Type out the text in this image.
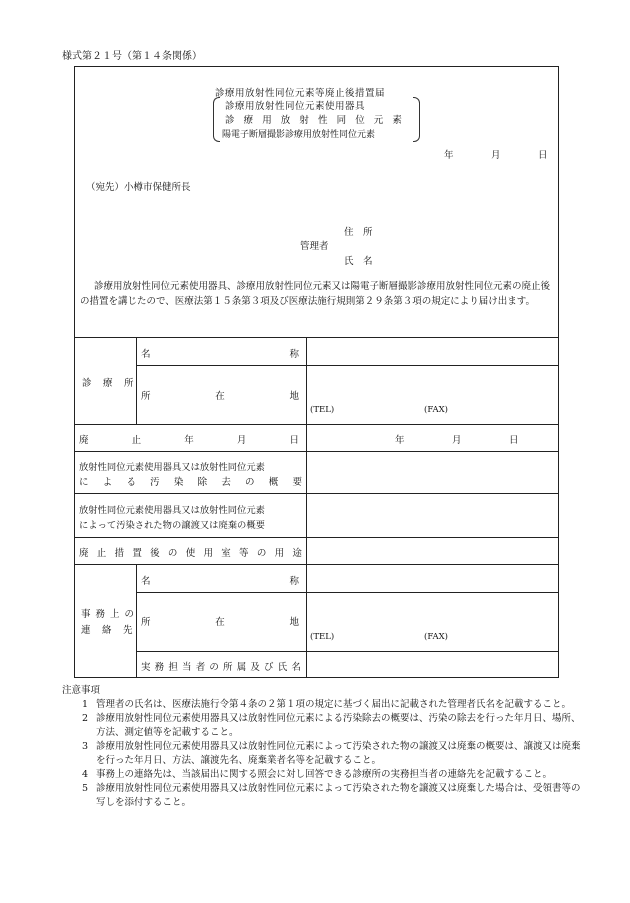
様式第２１号（第１４条関係）
診療用放射性同位元素等廃止後措置届
診療用放射性同位元素使用器具
診　療　用　放　射　性　同　位　元　素
陽電子断層撮影診療用放射性同位元素
年	月	日
（宛先）小樽市保健所長
住　所
管理者
氏　名
診療用放射性同位元素使用器具、診療用放射性同位元素又は陽電子断層撮影診療用放射性同位元素の廃止後の措置を講じたので、医療法第１５条第３項及び医療法施行規則第２９条第３項の規定により届け出ます。
診　療　所
名	称
所	在	地
(TEL)	(FAX)
廃	止	年	月	日	年	月	日
放射性同位元素使用器具又は放射性同位元素
に よ る 汚 染 除 去 の 概 要
放射性同位元素使用器具又は放射性同位元素
によって汚染された物の譲渡又は廃棄の概要
廃 止 措 置 後 の 使 用 室 等 の 用 途
事 務 上 の
連　絡　先
名	称
所	在	地
(TEL)	(FAX)
実 務 担 当 者 の 所 属 及 び 氏 名
注意事項
1 管理者の氏名は、医療法施行令第４条の２第１項の規定に基づく届出に記載された管理者氏名を記載すること。
2 診療用放射性同位元素使用器具又は放射性同位元素による汚染除去の概要は、汚染の除去を行った年月日、場所、方法、測定値等を記載すること。
3 診療用放射性同位元素使用器具又は放射性同位元素によって汚染された物の譲渡又は廃棄の概要は、譲渡又は廃棄を行った年月日、方法、譲渡先名、廃棄業者名等を記載すること。
4 事務上の連絡先は、当該届出に関する照会に対し回答できる診療所の実務担当者の連絡先を記載すること。
5 診療用放射性同位元素使用器具又は放射性同位元素によって汚染された物を譲渡又は廃棄した場合は、受領書等の写しを添付すること。
